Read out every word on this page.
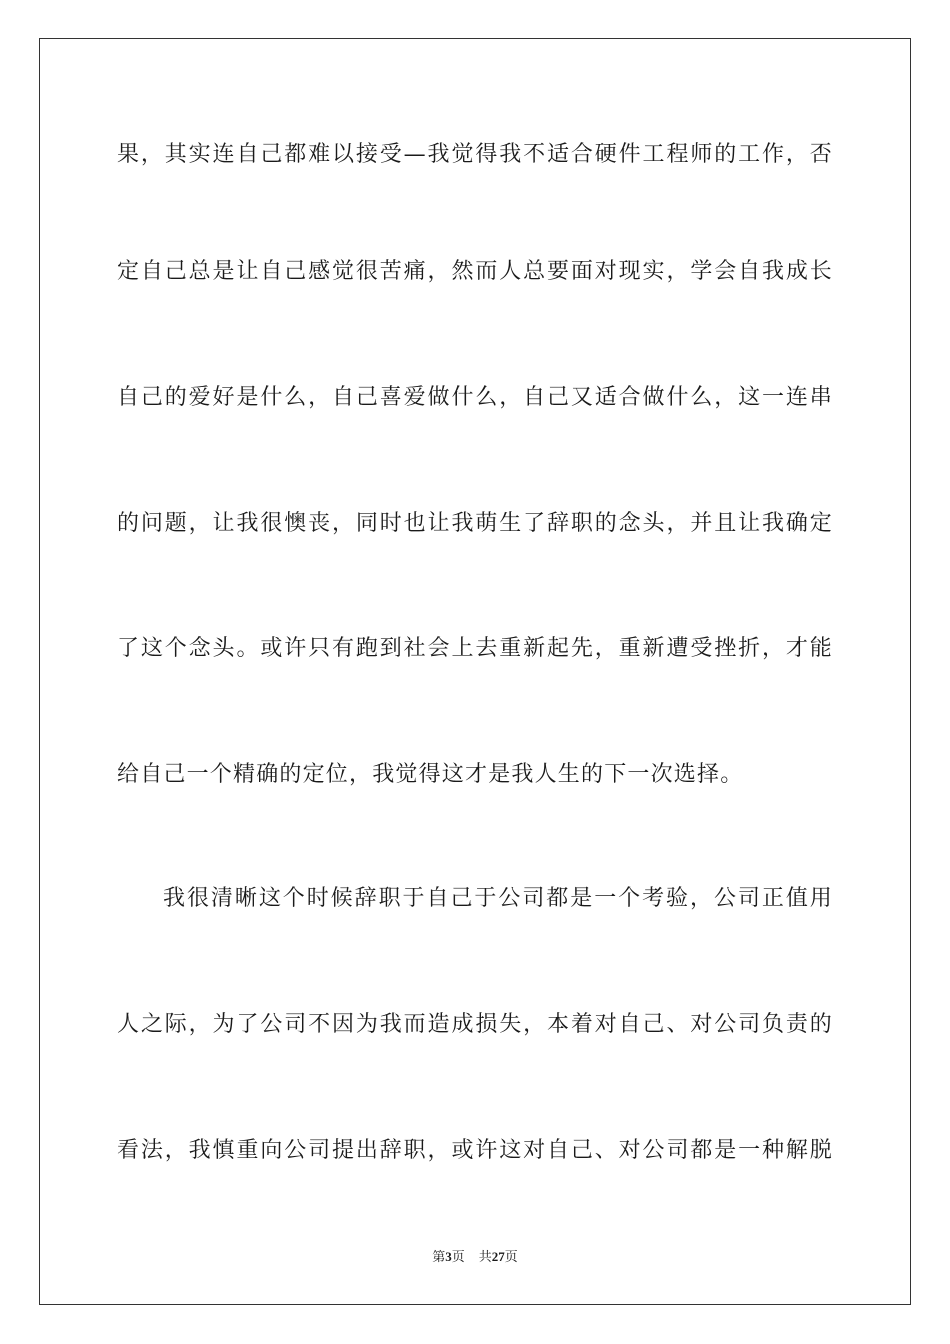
果，其实连自己都难以接受—我觉得我不适合硬件工程师的工作，否
定自己总是让自己感觉很苦痛，然而人总要面对现实，学会自我成长
自己的爱好是什么，自己喜爱做什么，自己又适合做什么，这一连串
的问题，让我很懊丧，同时也让我萌生了辞职的念头，并且让我确定
了这个念头。或许只有跑到社会上去重新起先，重新遭受挫折，才能
给自己一个精确的定位，我觉得这才是我人生的下一次选择。
我很清晰这个时候辞职于自己于公司都是一个考验，公司正值用
人之际，为了公司不因为我而造成损失，本着对自己、对公司负责的
看法，我慎重向公司提出辞职，或许这对自己、对公司都是一种解脱
第3页 共27页
